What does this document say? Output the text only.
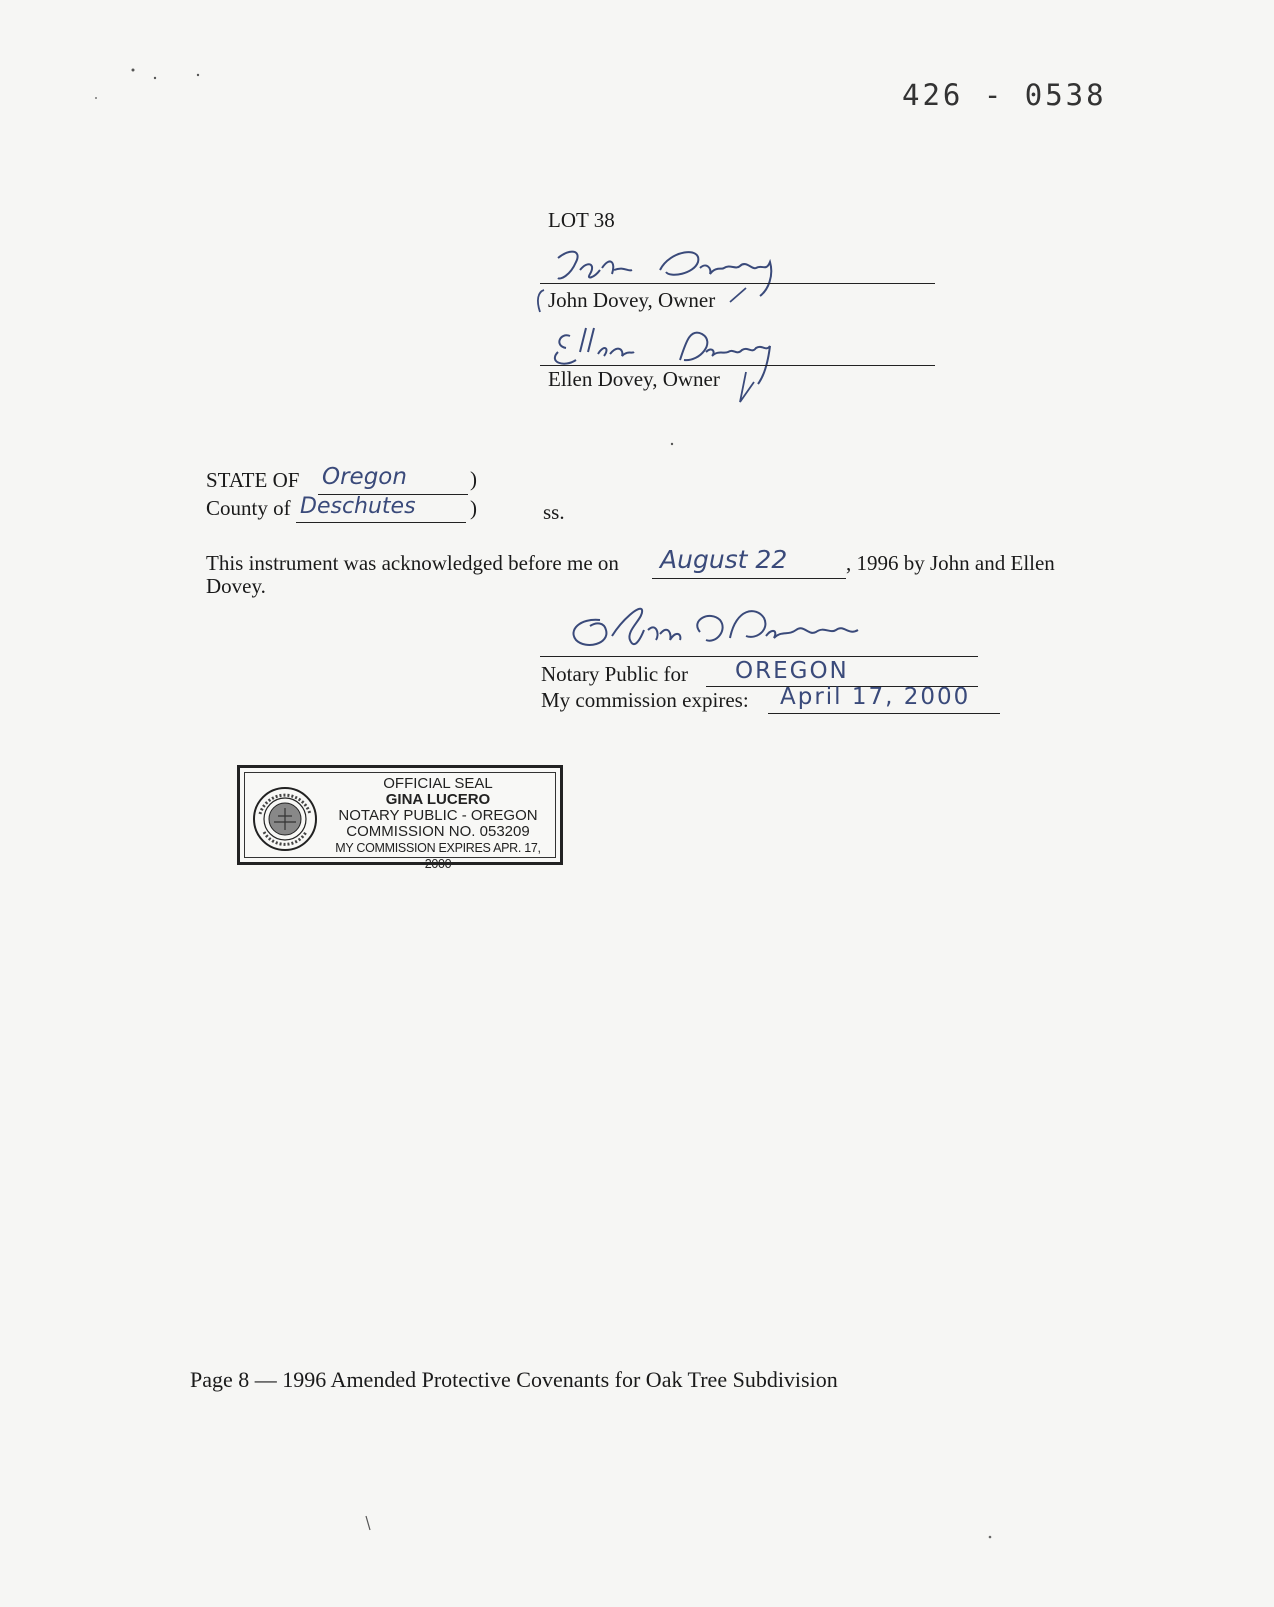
426 - 0538
LOT 38
John Dovey, Owner
Ellen Dovey, Owner
STATE OF Oregon	)
County of Deschutes	)	ss.
This instrument was acknowledged before me on August 22	, 1996 by John and Ellen
Dovey.
Notary Public for OREGON
My commission expires: April 17, 2000
OFFICIAL SEAL
GINA LUCERO
NOTARY PUBLIC - OREGON
COMMISSION NO. 053209
MY COMMISSION EXPIRES APR. 17, 2000
Page 8 — 1996 Amended Protective Covenants for Oak Tree Subdivision
